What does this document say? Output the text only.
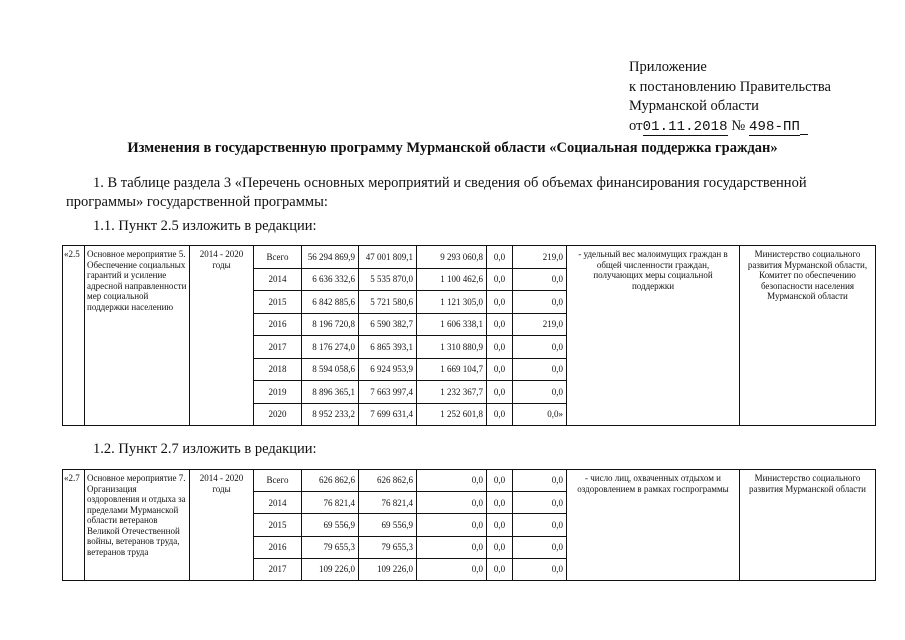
Приложение
к постановлению Правительства
Мурманской области
от01.11.2018 № 498-ПП
Изменения в государственную программу Мурманской области «Социальная поддержка граждан»
1. В таблице раздела 3 «Перечень основных мероприятий и сведения об объемах финансирования государственной программы» государственной программы:
1.1. Пункт 2.5 изложить в редакции:
«2.5	Основное мероприятие 5. Обеспечение социальных гарантий и усиление адресной направленности мер социальной поддержки населению	2014 - 2020 годы	Всего	56 294 869,9	47 001 809,1	9 293 060,8	0,0	219,0	- удельный вес малоимущих граждан в общей численности граждан, получающих меры социальной поддержки	Министерство социального развития Мурманской области, Комитет по обеспечению безопасности населения Мурманской области
			2014	6 636 332,6	5 535 870,0	1 100 462,6	0,0	0,0		
			2015	6 842 885,6	5 721 580,6	1 121 305,0	0,0	0,0		
			2016	8 196 720,8	6 590 382,7	1 606 338,1	0,0	219,0		
			2017	8 176 274,0	6 865 393,1	1 310 880,9	0,0	0,0		
			2018	8 594 058,6	6 924 953,9	1 669 104,7	0,0	0,0		
			2019	8 896 365,1	7 663 997,4	1 232 367,7	0,0	0,0		
			2020	8 952 233,2	7 699 631,4	1 252 601,8	0,0	0,0»		
1.2. Пункт 2.7 изложить в редакции:
«2.7	Основное мероприятие 7. Организация оздоровления и отдыха за пределами Мурманской области ветеранов Великой Отечественной войны, ветеранов труда, ветеранов труда	2014 - 2020 годы	Всего	626 862,6	626 862,6	0,0	0,0	0,0	- число лиц, охваченных отдыхом и оздоровлением в рамках госпрограммы	Министерство социального развития Мурманской области
			2014	76 821,4	76 821,4	0,0	0,0	0,0		
			2015	69 556,9	69 556,9	0,0	0,0	0,0		
			2016	79 655,3	79 655,3	0,0	0,0	0,0		
			2017	109 226,0	109 226,0	0,0	0,0	0,0		
